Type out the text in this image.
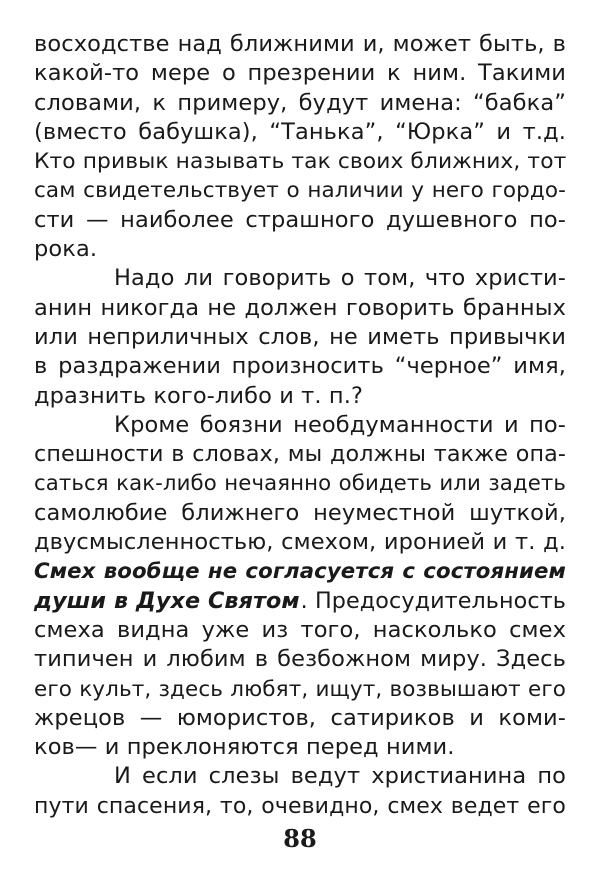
восходстве над ближними и, может быть, в
какой-то мере о презрении к ним. Такими
словами, к примеру, будут имена: “бабка”
(вместо бабушка), “Танька”, “Юрка” и т.д.
Кто привык называть так своих ближних, тот
сам свидетельствует о наличии у него гордо-
сти — наиболее страшного душевного по-
рока.
Надо ли говорить о том, что христи-
анин никогда не должен говорить бранных
или неприличных слов, не иметь привычки
в раздражении произносить “черное” имя,
дразнить кого-либо и т. п.?
Кроме боязни необдуманности и по-
спешности в словах, мы должны также опа-
саться как-либо нечаянно обидеть или задеть
самолюбие ближнего неуместной шуткой,
двусмысленностью, смехом, иронией и т. д.
Смех вообще не согласуется с состоянием
души в Духе Святом . Предосудительность
смеха видна уже из того, насколько смех
типичен и любим в безбожном миру. Здесь
его культ, здесь любят, ищут, возвышают его
жрецов — юмористов, сатириков и коми-
ков— и преклоняются перед ними.
И если слезы ведут христианина по
пути спасения, то, очевидно, смех ведет его
88
